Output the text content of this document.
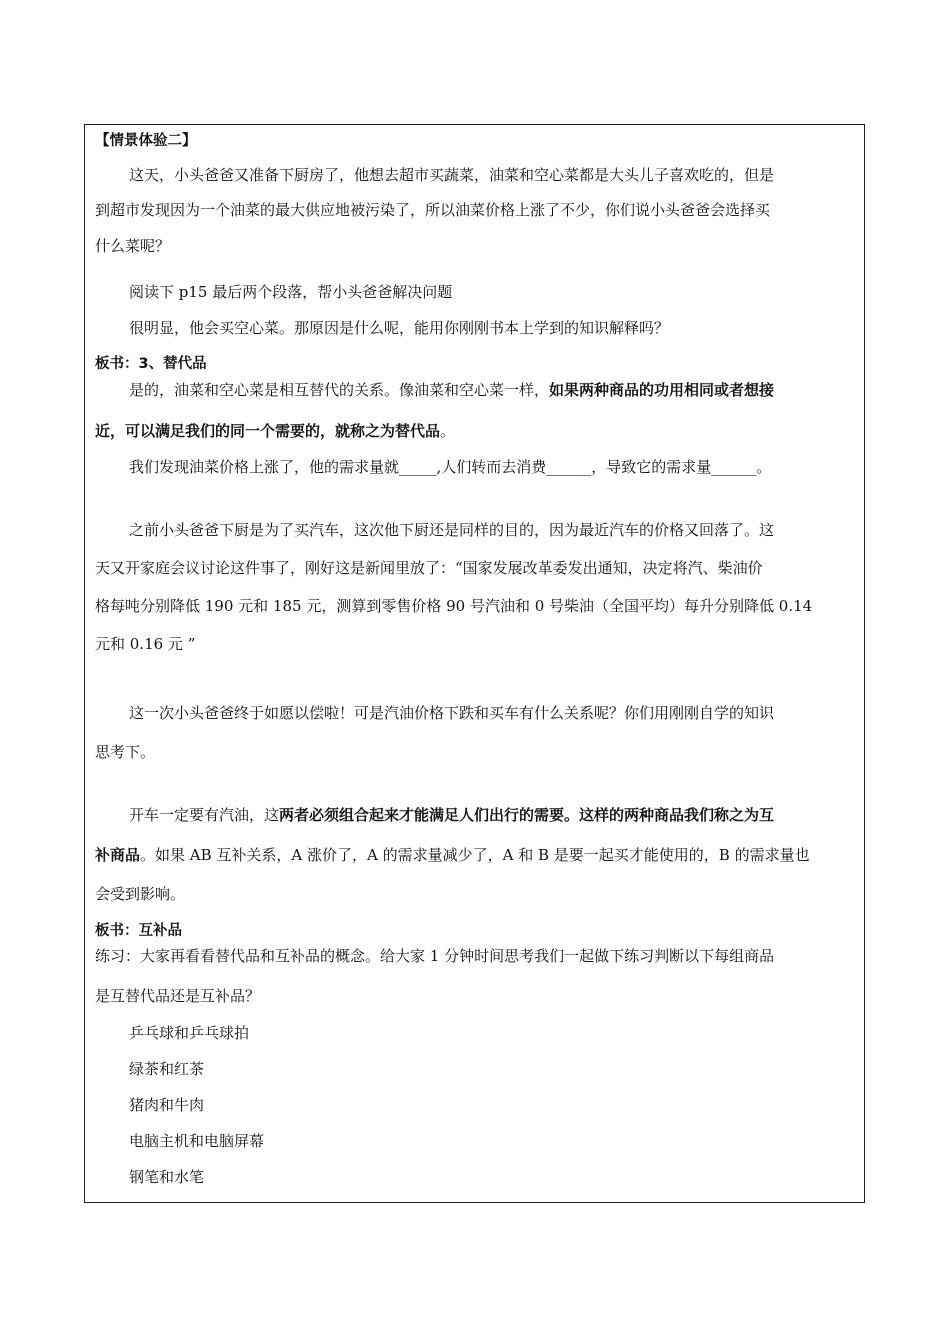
【情景体验二】
这天，小头爸爸又准备下厨房了，他想去超市买蔬菜，油菜和空心菜都是大头儿子喜欢吃的，但是
到超市发现因为一个油菜的最大供应地被污染了，所以油菜价格上涨了不少，你们说小头爸爸会选择买
什么菜呢？
阅读下 p15 最后两个段落，帮小头爸爸解决问题
很明显，他会买空心菜。那原因是什么呢，能用你刚刚书本上学到的知识解释吗？
板书：3、替代品
是的，油菜和空心菜是相互替代的关系。像油菜和空心菜一样，如果两种商品的功用相同或者想接
近，可以满足我们的同一个需要的，就称之为替代品。
我们发现油菜价格上涨了，他的需求量就_____,人们转而去消费______，导致它的需求量______。
之前小头爸爸下厨是为了买汽车，这次他下厨还是同样的目的，因为最近汽车的价格又回落了。这
天又开家庭会议讨论这件事了，刚好这是新闻里放了：“国家发展改革委发出通知，决定将汽、柴油价
格每吨分别降低 190 元和 185 元，测算到零售价格 90 号汽油和 0 号柴油（全国平均）每升分别降低 0.14
元和 0.16 元 ”
这一次小头爸爸终于如愿以偿啦！可是汽油价格下跌和买车有什么关系呢？你们用刚刚自学的知识
思考下。
开车一定要有汽油，这两者必须组合起来才能满足人们出行的需要。这样的两种商品我们称之为互
补商品。如果 AB 互补关系，A 涨价了，A 的需求量减少了，A 和 B 是要一起买才能使用的，B 的需求量也
会受到影响。
板书：互补品
练习：大家再看看替代品和互补品的概念。给大家 1 分钟时间思考我们一起做下练习判断以下每组商品
是互替代品还是互补品？
乒乓球和乒乓球拍
绿茶和红茶
猪肉和牛肉
电脑主机和电脑屏幕
钢笔和水笔
